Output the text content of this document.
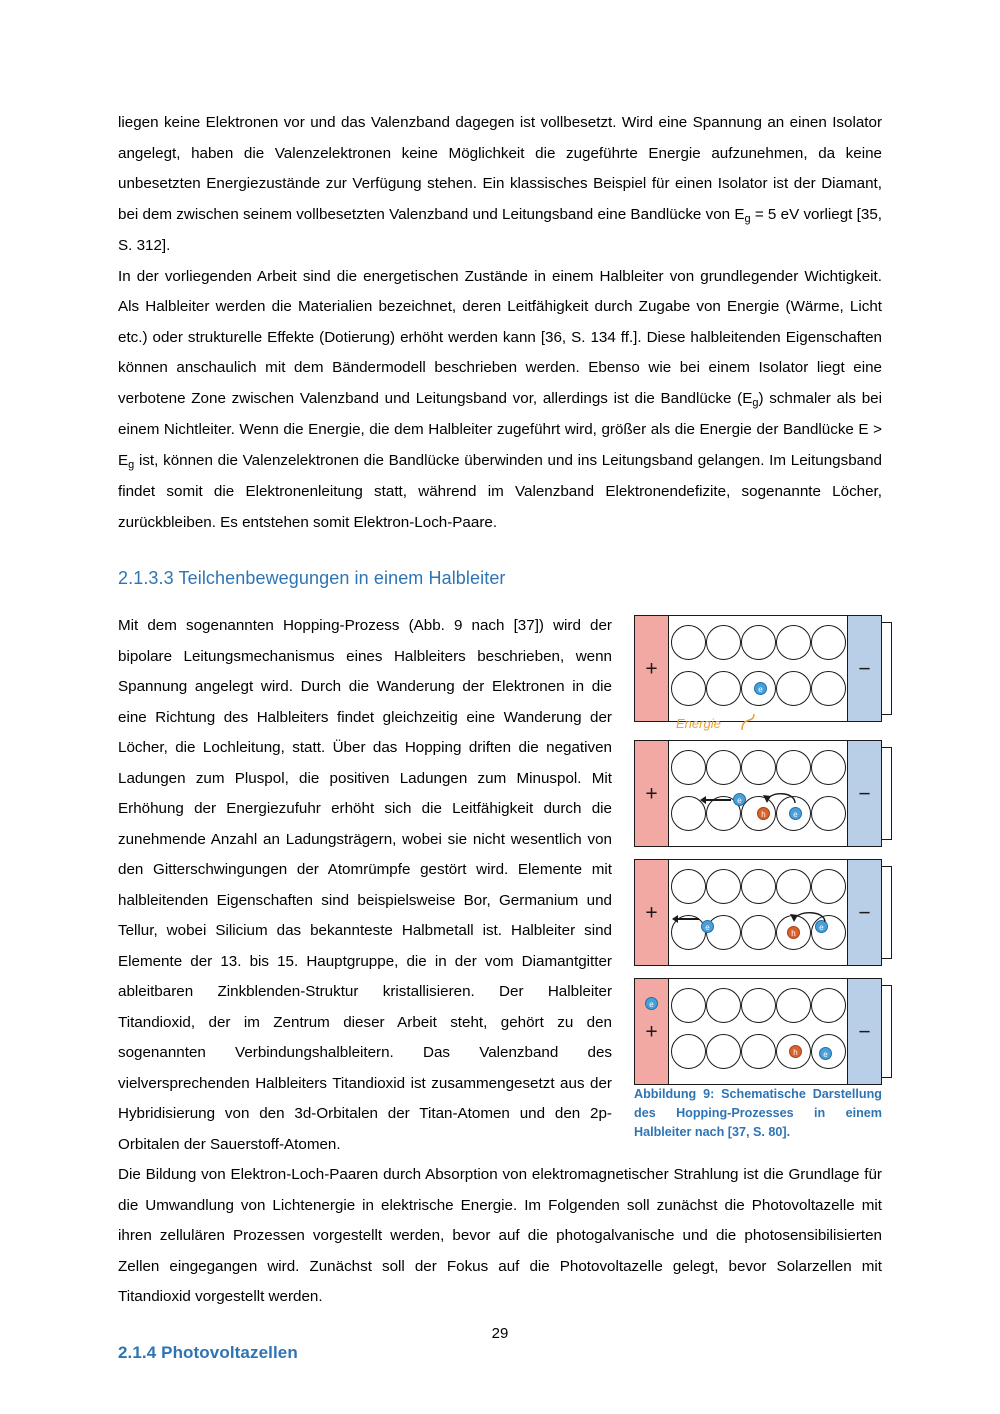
liegen keine Elektronen vor und das Valenzband dagegen ist vollbesetzt. Wird eine Spannung an einen Isolator angelegt, haben die Valenzelektronen keine Möglichkeit die zugeführte Energie aufzunehmen, da keine unbesetzten Energiezustände zur Verfügung stehen. Ein klassisches Beispiel für einen Isolator ist der Diamant, bei dem zwischen seinem vollbesetzten Valenzband und Leitungsband eine Bandlücke von $E_g = 5$ eV vorliegt [35, S. 312].

In der vorliegenden Arbeit sind die energetischen Zustände in einem Halbleiter von grundlegender Wichtigkeit. Als Halbleiter werden die Materialien bezeichnet, deren Leitfähigkeit durch Zugabe von Energie (Wärme, Licht etc.) oder strukturelle Effekte (Dotierung) erhöht werden kann [36, S. 134 ff.]. Diese halbleitenden Eigenschaften können anschaulich mit dem Bändermodell beschrieben werden. Ebenso wie bei einem Isolator liegt eine verbotene Zone zwischen Valenzband und Leitungsband vor, allerdings ist die Bandlücke $(E_g)$ schmaler als bei einem Nichtleiter. Wenn die Energie, die dem Halbleiter zugeführt wird, größer als die Energie der Bandlücke $E > E_g$ ist, können die Valenzelektronen die Bandlücke überwinden und ins Leitungsband gelangen. Im Leitungsband findet somit die Elektronenleitung statt, während im Valenzband Elektronendefizite, sogenannte Löcher, zurückbleiben. Es entstehen somit Elektron-Loch-Paare.

2.1.3.3 Teilchenbewegungen in einem Halbleiter
+	−
e
Energie
+	−
e
h	e
+	−
e
h
e
+	−
e
h	e
Abbildung 9: Schematische Darstellung des Hopping-Prozesses in einem Halbleiter nach [37, S. 80].

Mit dem sogenannten Hopping-Prozess (Abb. 9 nach [37]) wird der bipolare Leitungsmechanismus eines Halbleiters beschrieben, wenn Spannung angelegt wird. Durch die Wanderung der Elektronen in die eine Richtung des Halbleiters findet gleichzeitig eine Wanderung der Löcher, die Lochleitung, statt. Über das Hopping driften die negativen Ladungen zum Pluspol, die positiven Ladungen zum Minuspol. Mit Erhöhung der Energiezufuhr erhöht sich die Leitfähigkeit durch die zunehmende Anzahl an Ladungsträgern, wobei sie nicht wesentlich von den Gitterschwingungen der Atomrümpfe gestört wird. Elemente mit halbleitenden Eigenschaften sind beispielsweise Bor, Germanium und Tellur, wobei Silicium das bekannteste Halbmetall ist. Halbleiter sind Elemente der 13. bis 15. Hauptgruppe, die in der vom Diamantgitter ableitbaren Zinkblenden-Struktur kristallisieren. Der Halbleiter Titandioxid, der im Zentrum dieser Arbeit steht, gehört zu den sogenannten Verbindungshalbleitern. Das Valenzband des vielversprechenden Halbleiters Titandioxid ist zusammengesetzt aus der Hybridisierung von den 3d-Orbitalen der Titan-Atomen und den 2p-Orbitalen der Sauerstoff-Atomen.

Die Bildung von Elektron-Loch-Paaren durch Absorption von elektromagnetischer Strahlung ist die Grundlage für die Umwandlung von Lichtenergie in elektrische Energie. Im Folgenden soll zunächst die Photovoltazelle mit ihren zellulären Prozessen vorgestellt werden, bevor auf die photogalvanische und die photosensibilisierten Zellen eingegangen wird. Zunächst soll der Fokus auf die Photovoltazelle gelegt, bevor Solarzellen mit Titandioxid vorgestellt werden.

2.1.4 Photovoltazellen
29
